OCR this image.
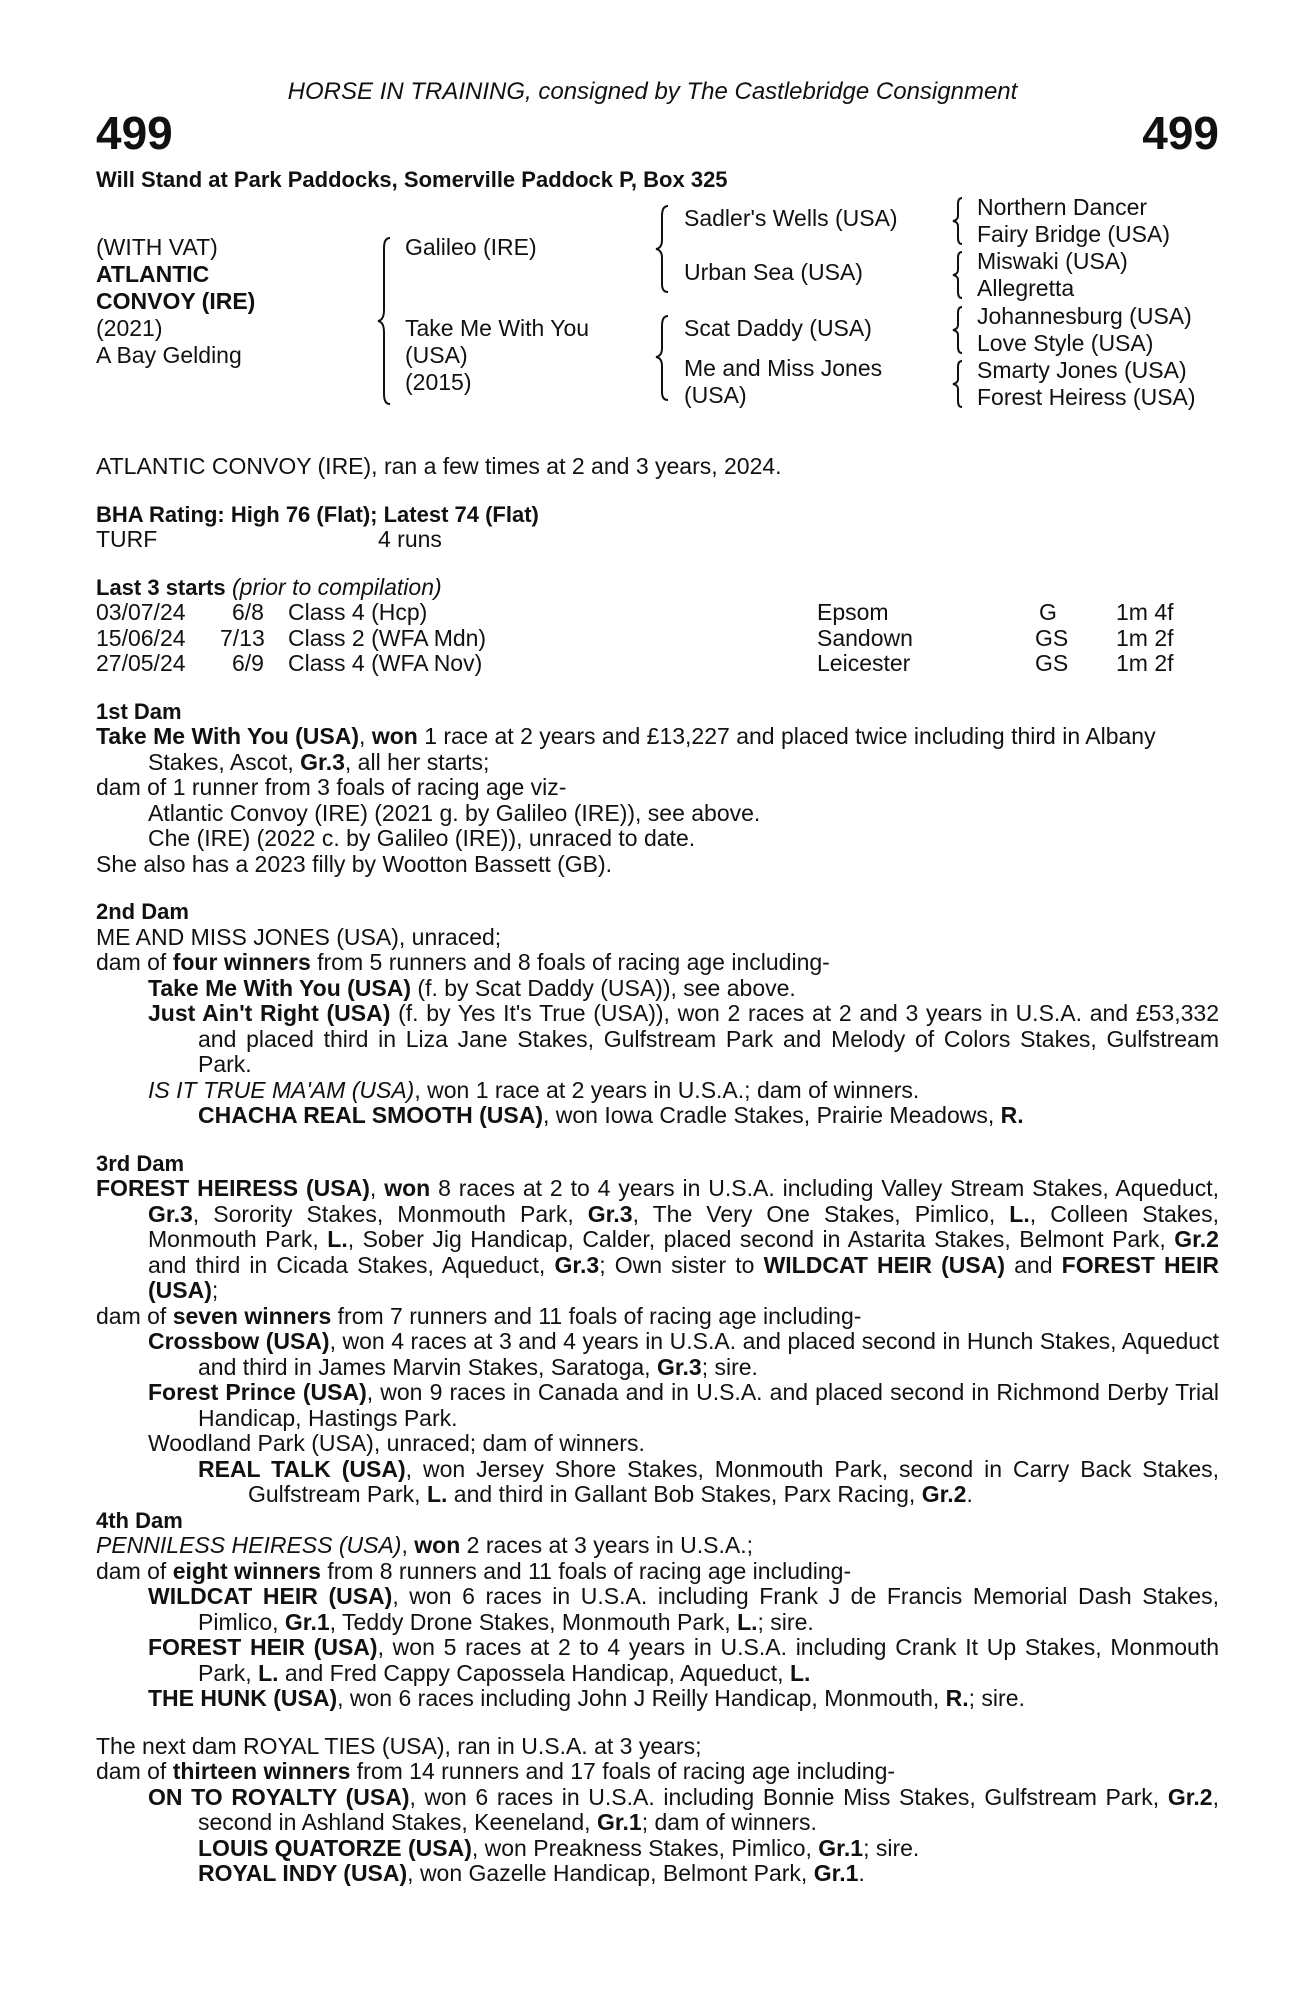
HORSE IN TRAINING, consigned by The Castlebridge Consignment
499	499
Will Stand at Park Paddocks, Somerville Paddock P, Box 325
(WITH VAT)
ATLANTIC
CONVOY (IRE)
(2021)
A Bay Gelding
Galileo (IRE)
Take Me With You
(USA)
(2015)
Sadler's Wells (USA)
Urban Sea (USA)
Scat Daddy (USA)
Me and Miss Jones
(USA)
Northern Dancer
Fairy Bridge (USA)
Miswaki (USA)
Allegretta
Johannesburg (USA)
Love Style (USA)
Smarty Jones (USA)
Forest Heiress (USA)
ATLANTIC CONVOY (IRE), ran a few times at 2 and 3 years, 2024.
BHA Rating: High 76 (Flat); Latest 74 (Flat)
TURF	4 runs
Last 3 starts (prior to compilation)
03/07/24 6/8 Class 4 (Hcp)	Epsom	G	1m 4f
15/06/24 7/13 Class 2 (WFA Mdn)	Sandown	GS 1m 2f
27/05/24 6/9 Class 4 (WFA Nov)	Leicester	GS 1m 2f
1st Dam
Take Me With You (USA), won 1 race at 2 years and £13,227 and placed twice including third in Albany Stakes, Ascot, Gr.3, all her starts;
dam of 1 runner from 3 foals of racing age viz-
Atlantic Convoy (IRE) (2021 g. by Galileo (IRE)), see above.
Che (IRE) (2022 c. by Galileo (IRE)), unraced to date.
She also has a 2023 filly by Wootton Bassett (GB).
2nd Dam
ME AND MISS JONES (USA), unraced;
dam of four winners from 5 runners and 8 foals of racing age including-
Take Me With You (USA) (f. by Scat Daddy (USA)), see above.
Just Ain't Right (USA) (f. by Yes It's True (USA)), won 2 races at 2 and 3 years in U.S.A. and £53,332 and placed third in Liza Jane Stakes, Gulfstream Park and Melody of Colors Stakes, Gulfstream Park.
IS IT TRUE MA'AM (USA), won 1 race at 2 years in U.S.A.; dam of winners.
CHACHA REAL SMOOTH (USA), won Iowa Cradle Stakes, Prairie Meadows, R.
3rd Dam
FOREST HEIRESS (USA), won 8 races at 2 to 4 years in U.S.A. including Valley Stream Stakes, Aqueduct, Gr.3, Sorority Stakes, Monmouth Park, Gr.3, The Very One Stakes, Pimlico, L., Colleen Stakes, Monmouth Park, L., Sober Jig Handicap, Calder, placed second in Astarita Stakes, Belmont Park, Gr.2 and third in Cicada Stakes, Aqueduct, Gr.3; Own sister to WILDCAT HEIR (USA) and FOREST HEIR (USA);
dam of seven winners from 7 runners and 11 foals of racing age including-
Crossbow (USA), won 4 races at 3 and 4 years in U.S.A. and placed second in Hunch Stakes, Aqueduct and third in James Marvin Stakes, Saratoga, Gr.3; sire.
Forest Prince (USA), won 9 races in Canada and in U.S.A. and placed second in Richmond Derby Trial Handicap, Hastings Park.
Woodland Park (USA), unraced; dam of winners.
REAL TALK (USA), won Jersey Shore Stakes, Monmouth Park, second in Carry Back Stakes, Gulfstream Park, L. and third in Gallant Bob Stakes, Parx Racing, Gr.2.
4th Dam
PENNILESS HEIRESS (USA), won 2 races at 3 years in U.S.A.;
dam of eight winners from 8 runners and 11 foals of racing age including-
WILDCAT HEIR (USA), won 6 races in U.S.A. including Frank J de Francis Memorial Dash Stakes, Pimlico, Gr.1, Teddy Drone Stakes, Monmouth Park, L.; sire.
FOREST HEIR (USA), won 5 races at 2 to 4 years in U.S.A. including Crank It Up Stakes, Monmouth Park, L. and Fred Cappy Capossela Handicap, Aqueduct, L.
THE HUNK (USA), won 6 races including John J Reilly Handicap, Monmouth, R.; sire.
The next dam ROYAL TIES (USA), ran in U.S.A. at 3 years;
dam of thirteen winners from 14 runners and 17 foals of racing age including-
ON TO ROYALTY (USA), won 6 races in U.S.A. including Bonnie Miss Stakes, Gulfstream Park, Gr.2, second in Ashland Stakes, Keeneland, Gr.1; dam of winners.
LOUIS QUATORZE (USA), won Preakness Stakes, Pimlico, Gr.1; sire.
ROYAL INDY (USA), won Gazelle Handicap, Belmont Park, Gr.1.
